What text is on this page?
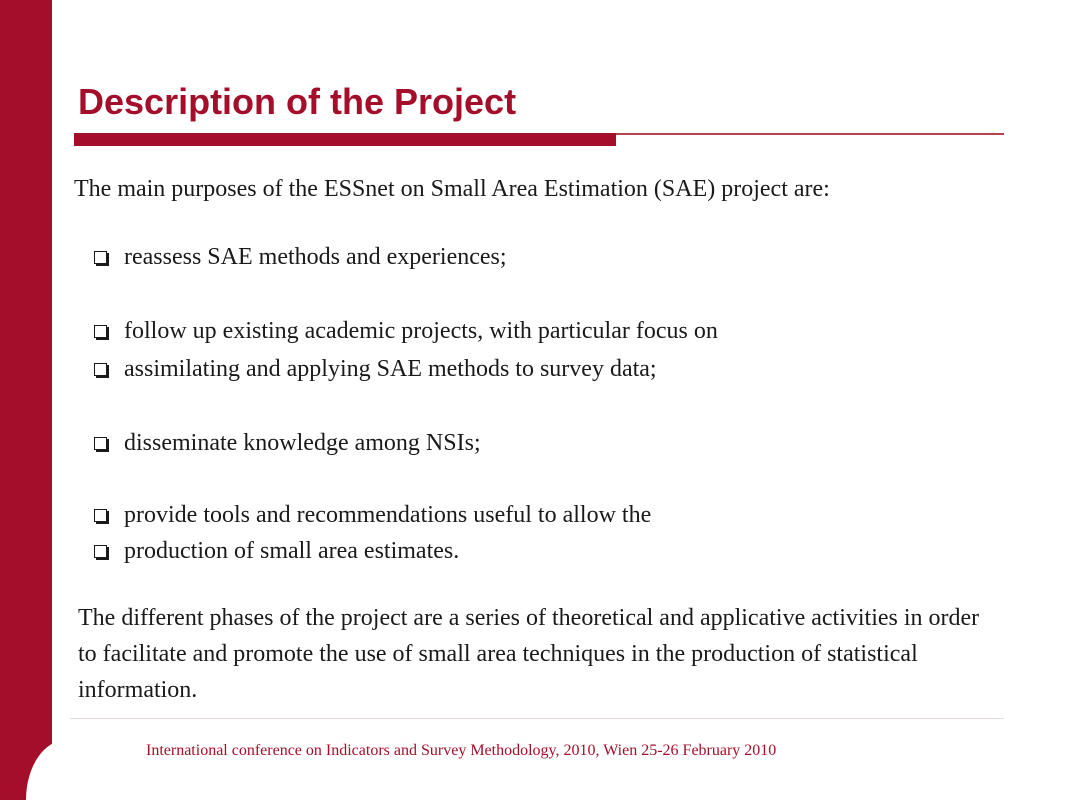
Description of the Project

The main purposes of the ESSnet on Small Area Estimation (SAE) project are:

reassess SAE methods and experiences;
follow up existing academic projects, with particular focus on
assimilating and applying SAE methods to survey data;
disseminate knowledge among NSIs;
provide tools and recommendations useful to allow the
production of small area estimates.

The different phases of the project are a series of theoretical and applicative activities in order to facilitate and promote the use of small area techniques in the production of statistical information.

International conference on Indicators and Survey Methodology, 2010, Wien 25-26 February 2010
